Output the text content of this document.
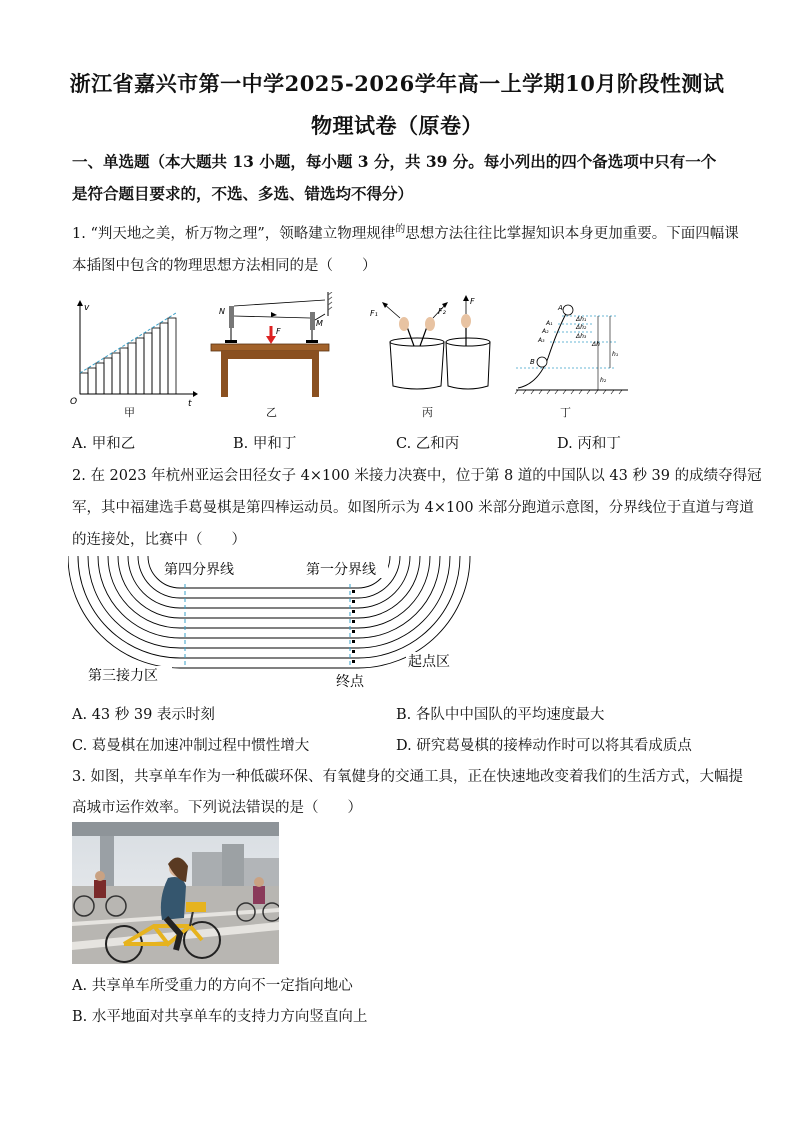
浙江省嘉兴市第一中学2025-2026学年高一上学期10月阶段性测试
物理试卷（原卷）
一、单选题（本大题共 13 小题，每小题 3 分，共 39 分。每小列出的四个备选项中只有一个
是符合题目要求的，不选、多选、错选均不得分）
1. “判天地之美，析万物之理”，领略建立物理规律$^的$思想方法往往比掌握知识本身更加重要。下面四幅课
本插图中包含的物理思想方法相同的是（　　）
v
O	t
甲
N
M
F
乙
F₁	F₂
F
丙
A
A₁
A₂
A₃
B
Δh₁
Δh₂
Δh₃
Δh
h₁
h₂
丁
A. 甲和乙	B. 甲和丁	C. 乙和丙	D. 丙和丁
2. 在 2023 年杭州亚运会田径女子 4×100 米接力决赛中，位于第 8 道的中国队以 43 秒 39 的成绩夺得冠
军，其中福建选手葛曼棋是第四棒运动员。如图所示为 4×100 米部分跑道示意图，分界线位于直道与弯道
的连接处，比赛中（　　）
第四分界线	第一分界线
第三接力区
起点区
终点
A. 43 秒 39 表示时刻	B. 各队中中国队的平均速度最大
C. 葛曼棋在加速冲制过程中惯性增大	D. 研究葛曼棋的接棒动作时可以将其看成质点
3. 如图，共享单车作为一种低碳环保、有氧健身的交通工具，正在快速地改变着我们的生活方式，大幅提
高城市运作效率。下列说法错误的是（　　）
A. 共享单车所受重力的方向不一定指向地心
B. 水平地面对共享单车的支持力方向竖直向上
